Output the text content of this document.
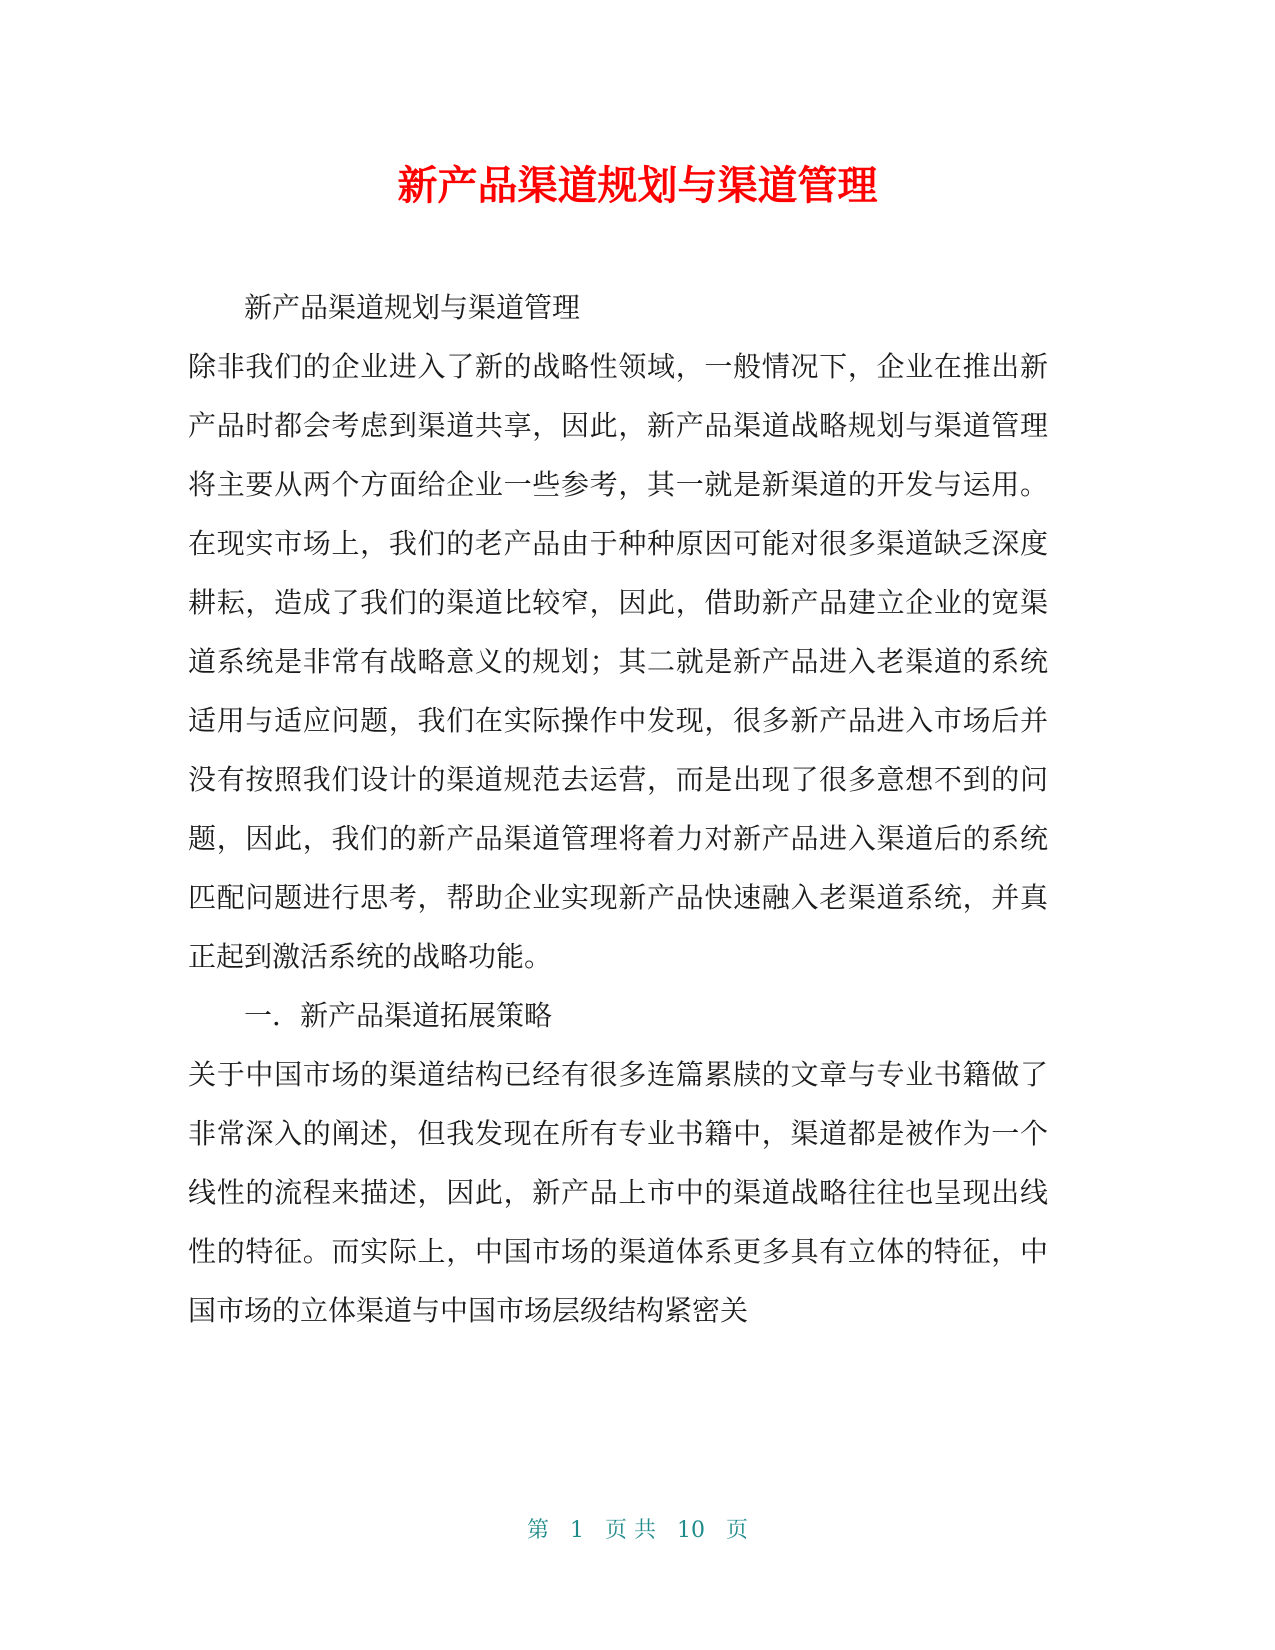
新产品渠道规划与渠道管理

新产品渠道规划与渠道管理

除非我们的企业进入了新的战略性领域，一般情况下，企业在推出新产品时都会考虑到渠道共享，因此，新产品渠道战略规划与渠道管理将主要从两个方面给企业一些参考，其一就是新渠道的开发与运用。在现实市场上，我们的老产品由于种种原因可能对很多渠道缺乏深度耕耘，造成了我们的渠道比较窄，因此，借助新产品建立企业的宽渠道系统是非常有战略意义的规划；其二就是新产品进入老渠道的系统适用与适应问题，我们在实际操作中发现，很多新产品进入市场后并没有按照我们设计的渠道规范去运营，而是出现了很多意想不到的问题，因此，我们的新产品渠道管理将着力对新产品进入渠道后的系统匹配问题进行思考，帮助企业实现新产品快速融入老渠道系统，并真正起到激活系统的战略功能。

一．新产品渠道拓展策略

关于中国市场的渠道结构已经有很多连篇累牍的文章与专业书籍做了非常深入的阐述，但我发现在所有专业书籍中，渠道都是被作为一个线性的流程来描述，因此，新产品上市中的渠道战略往往也呈现出线性的特征。而实际上，中国市场的渠道体系更多具有立体的特征，中国市场的立体渠道与中国市场层级结构紧密关

第 1 页 共 10 页
